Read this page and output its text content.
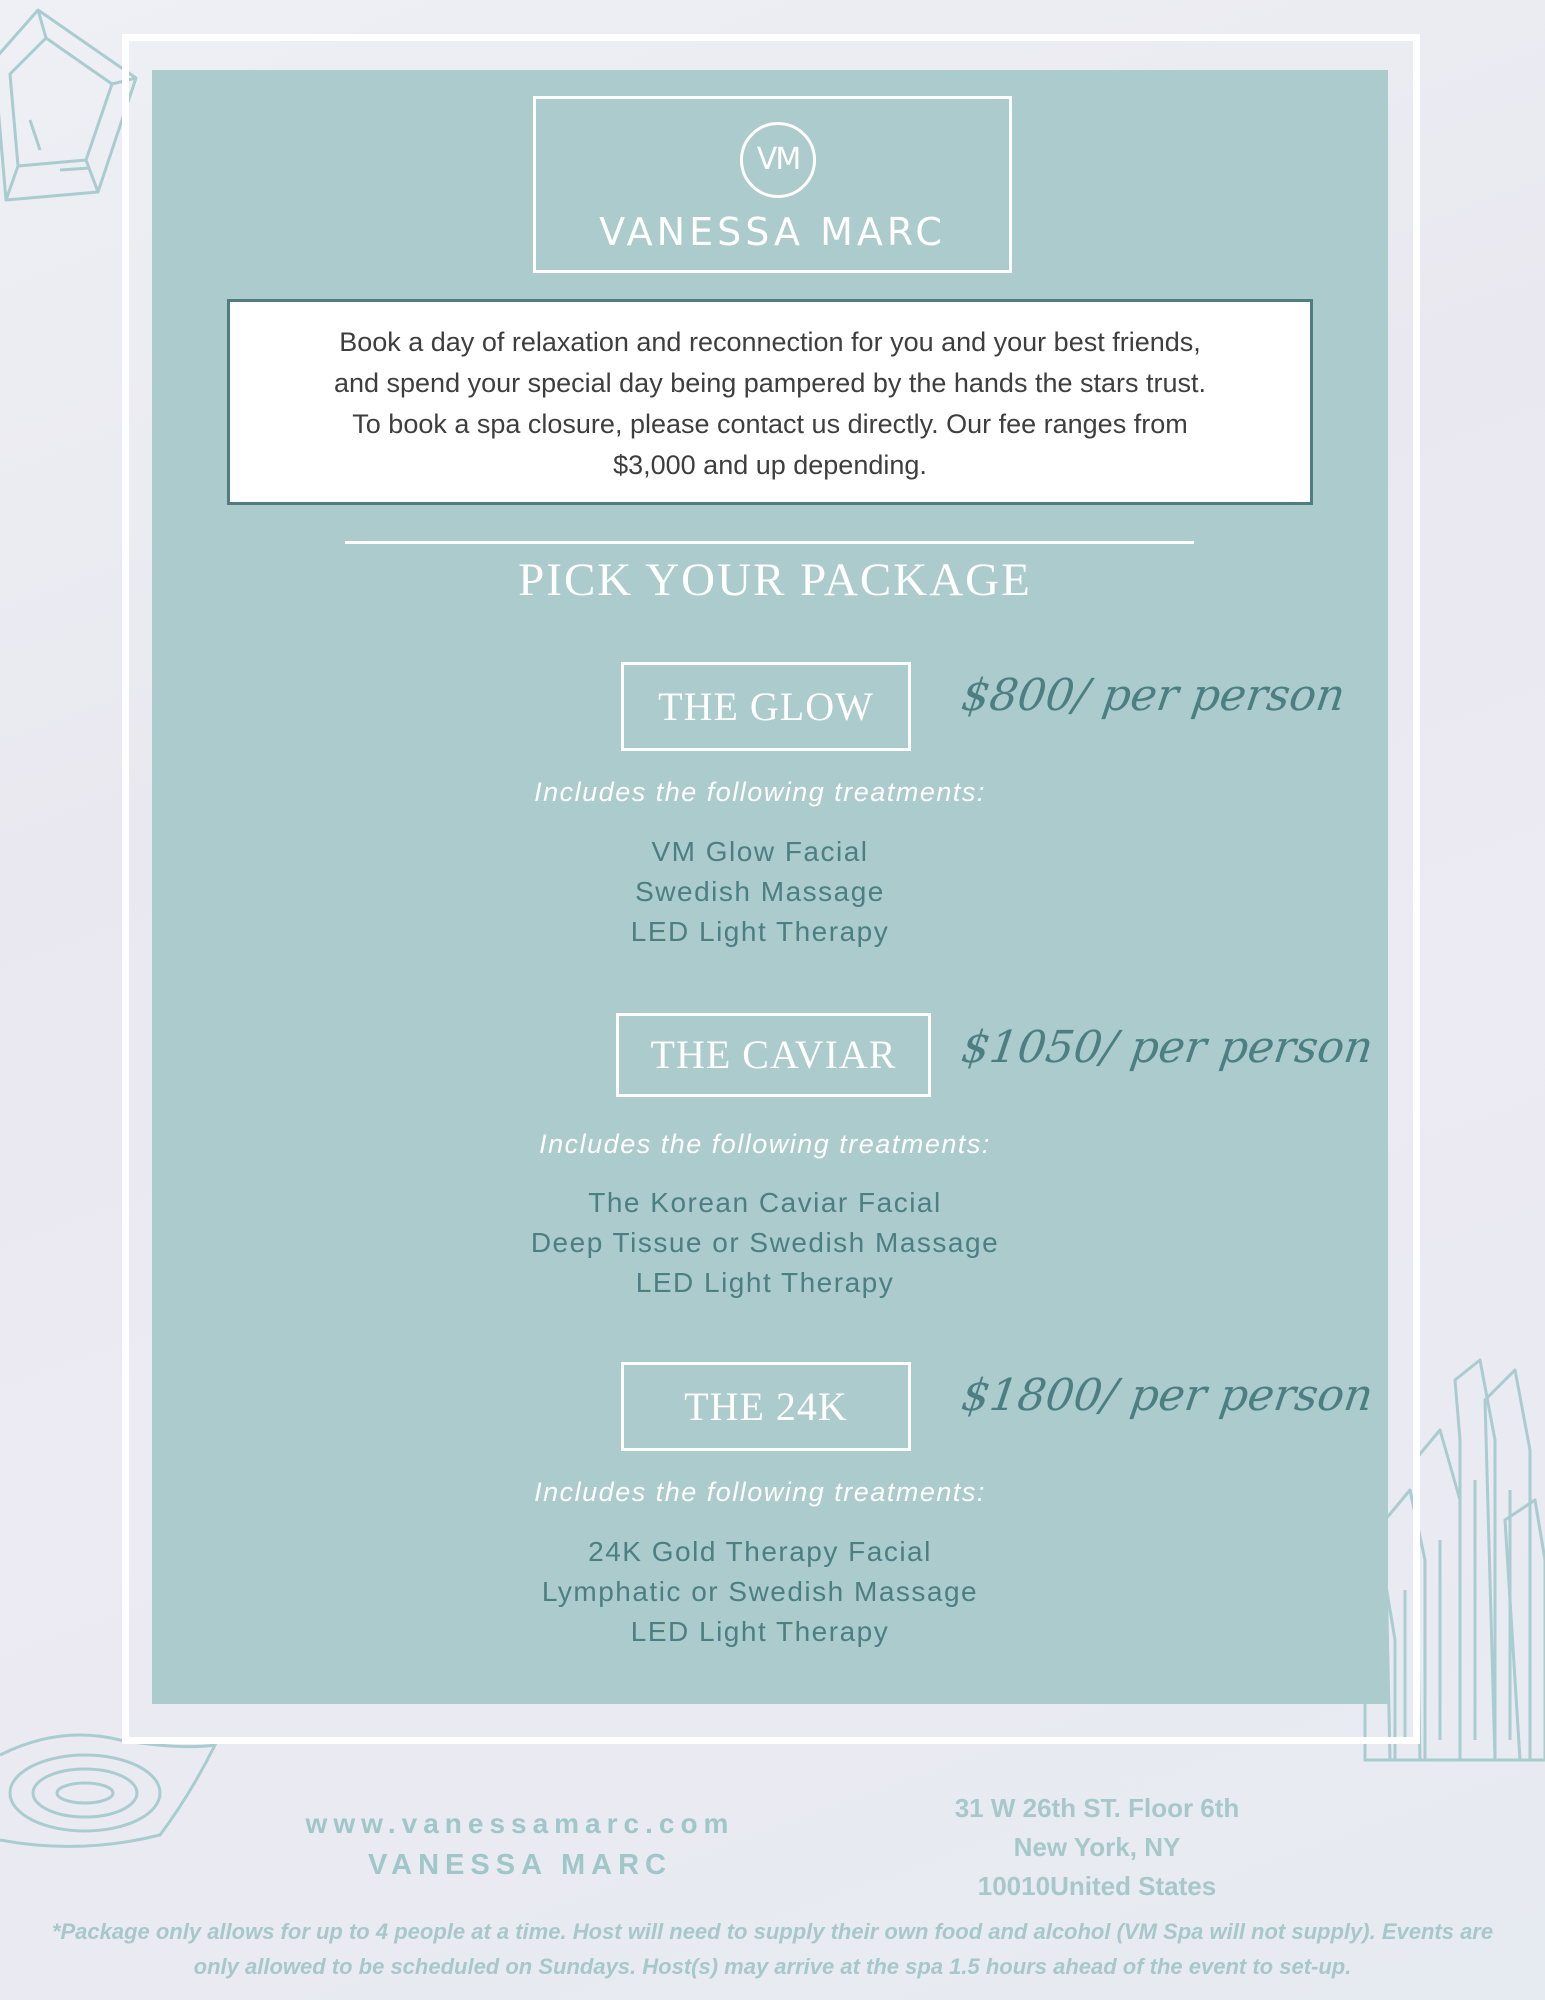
VM
VANESSA MARC
Book a day of relaxation and reconnection for you and your best friends,
and spend your special day being pampered by the hands the stars trust.
To book a spa closure, please contact us directly. Our fee ranges from
$3,000 and up depending.
PICK YOUR PACKAGE
THE GLOW	$800/ per person
Includes the following treatments:
VM Glow Facial
Swedish Massage
LED Light Therapy
THE CAVIAR	$1050/ per person
Includes the following treatments:
The Korean Caviar Facial
Deep Tissue or Swedish Massage
LED Light Therapy
THE 24K	$1800/ per person
Includes the following treatments:
24K Gold Therapy Facial
Lymphatic or Swedish Massage
LED Light Therapy
www.vanessamarc.com
VANESSA MARC
31 W 26th ST. Floor 6th
New York, NY
10010United States
*Package only allows for up to 4 people at a time. Host will need to supply their own food and alcohol (VM Spa will not supply). Events are
only allowed to be scheduled on Sundays. Host(s) may arrive at the spa 1.5 hours ahead of the event to set-up.
